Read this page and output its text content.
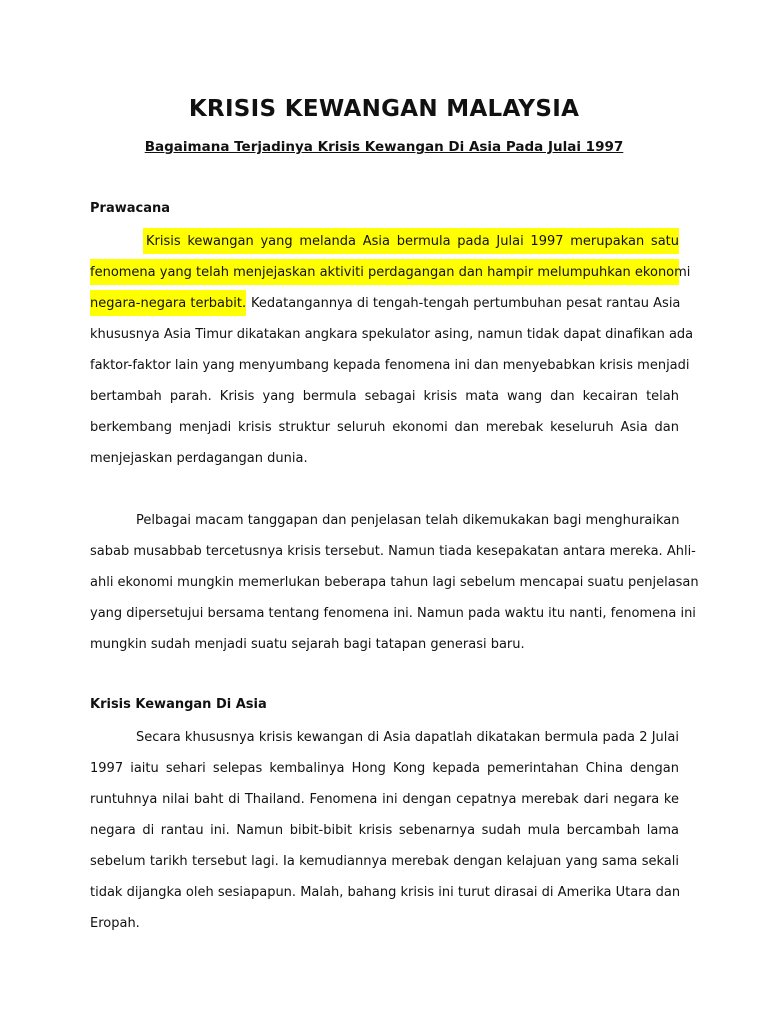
KRISIS KEWANGAN MALAYSIA
Bagaimana Terjadinya Krisis Kewangan Di Asia Pada Julai 1997
Prawacana
Krisis kewangan yang melanda Asia bermula pada Julai 1997 merupakan satu
fenomena yang telah menjejaskan aktiviti perdagangan dan hampir melumpuhkan ekonomi
negara-negara terbabit. Kedatangannya di tengah-tengah pertumbuhan pesat rantau Asia
khususnya Asia Timur dikatakan angkara spekulator asing, namun tidak dapat dinafikan ada
faktor-faktor lain yang menyumbang kepada fenomena ini dan menyebabkan krisis menjadi
bertambah parah. Krisis yang bermula sebagai krisis mata wang dan kecairan telah
berkembang menjadi krisis struktur seluruh ekonomi dan merebak keseluruh Asia dan
menjejaskan perdagangan dunia.
Pelbagai macam tanggapan dan penjelasan telah dikemukakan bagi menghuraikan
sabab musabbab tercetusnya krisis tersebut. Namun tiada kesepakatan antara mereka. Ahli-
ahli ekonomi mungkin memerlukan beberapa tahun lagi sebelum mencapai suatu penjelasan
yang dipersetujui bersama tentang fenomena ini. Namun pada waktu itu nanti, fenomena ini
mungkin sudah menjadi suatu sejarah bagi tatapan generasi baru.
Krisis Kewangan Di Asia
Secara khususnya krisis kewangan di Asia dapatlah dikatakan bermula pada 2 Julai
1997 iaitu sehari selepas kembalinya Hong Kong kepada pemerintahan China dengan
runtuhnya nilai baht di Thailand. Fenomena ini dengan cepatnya merebak dari negara ke
negara di rantau ini. Namun bibit-bibit krisis sebenarnya sudah mula bercambah lama
sebelum tarikh tersebut lagi. Ia kemudiannya merebak dengan kelajuan yang sama sekali
tidak dijangka oleh sesiapapun. Malah, bahang krisis ini turut dirasai di Amerika Utara dan
Eropah.
